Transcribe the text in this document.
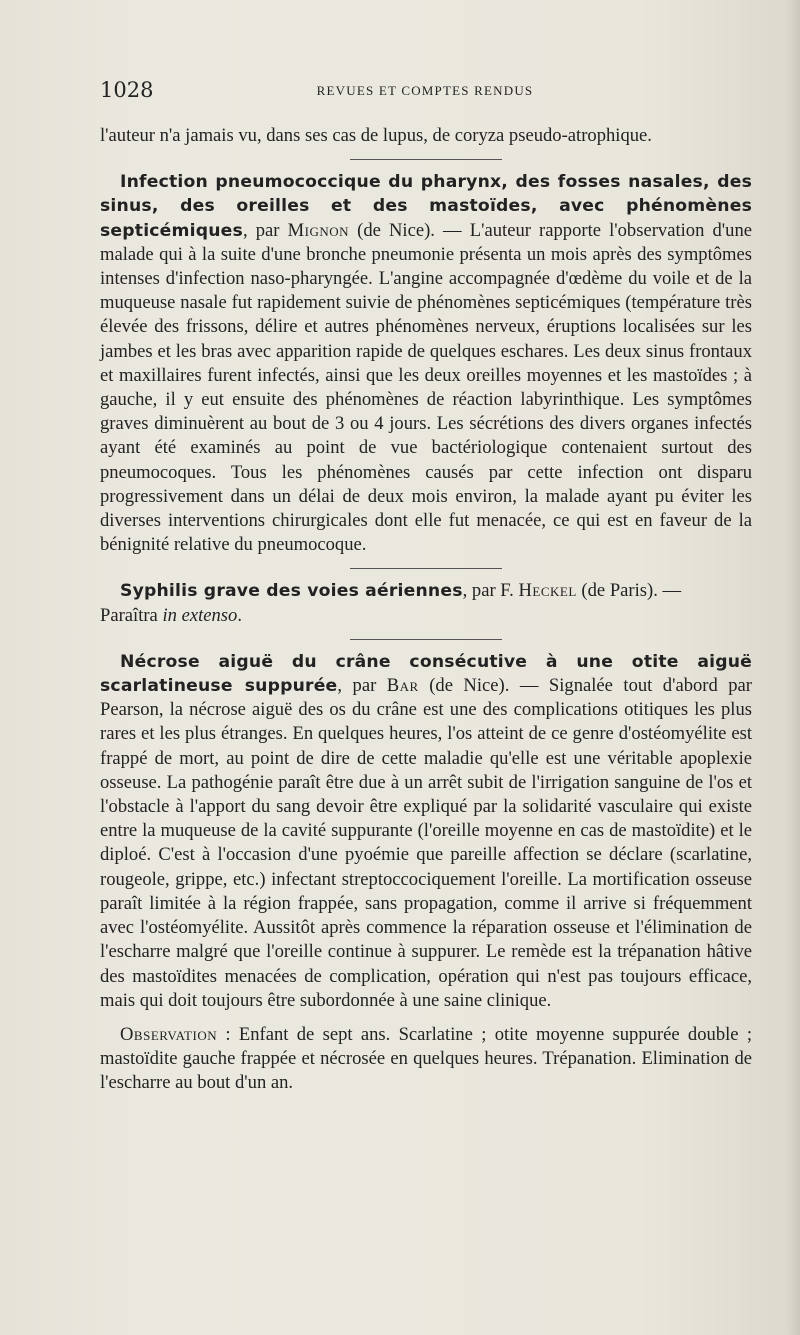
1028	REVUES ET COMPTES RENDUS

l'auteur n'a jamais vu, dans ses cas de lupus, de coryza pseudo-atrophique.

Infection pneumococcique du pharynx, des fosses nasales, des sinus, des oreilles et des mastoïdes, avec phénomènes septicémiques, par Mignon (de Nice). — L'auteur rapporte l'observation d'une malade qui à la suite d'une bronche pneumonie présenta un mois après des symptômes intenses d'infection naso-pharyngée. L'angine accompagnée d'œdème du voile et de la muqueuse nasale fut rapidement suivie de phénomènes septicémiques (température très élevée des frissons, délire et autres phénomènes nerveux, éruptions localisées sur les jambes et les bras avec apparition rapide de quelques eschares. Les deux sinus frontaux et maxillaires furent infectés, ainsi que les deux oreilles moyennes et les mastoïdes ; à gauche, il y eut ensuite des phénomènes de réaction labyrinthique. Les symptômes graves diminuèrent au bout de 3 ou 4 jours. Les sécrétions des divers organes infectés ayant été examinés au point de vue bactériologique contenaient surtout des pneumocoques. Tous les phénomènes causés par cette infection ont disparu progressivement dans un délai de deux mois environ, la malade ayant pu éviter les diverses interventions chirurgicales dont elle fut menacée, ce qui est en faveur de la bénignité relative du pneumocoque.

Syphilis grave des voies aériennes, par F. Heckel (de Paris). —
Paraîtra in extenso.

Nécrose aiguë du crâne consécutive à une otite aiguë scarlatineuse suppurée, par Bar (de Nice). — Signalée tout d'abord par Pearson, la nécrose aiguë des os du crâne est une des complications otitiques les plus rares et les plus étranges. En quelques heures, l'os atteint de ce genre d'ostéomyélite est frappé de mort, au point de dire de cette maladie qu'elle est une véritable apoplexie osseuse. La pathogénie paraît être due à un arrêt subit de l'irrigation sanguine de l'os et l'obstacle à l'apport du sang devoir être expliqué par la solidarité vasculaire qui existe entre la muqueuse de la cavité suppurante (l'oreille moyenne en cas de mastoïdite) et le diploé. C'est à l'occasion d'une pyoémie que pareille affection se déclare (scarlatine, rougeole, grippe, etc.) infectant streptoccociquement l'oreille. La mortification osseuse paraît limitée à la région frappée, sans propagation, comme il arrive si fréquemment avec l'ostéomyélite. Aussitôt après commence la réparation osseuse et l'élimination de l'escharre malgré que l'oreille continue à suppurer. Le remède est la trépanation hâtive des mastoïdites menacées de complication, opération qui n'est pas toujours efficace, mais qui doit toujours être subordonnée à une saine clinique.

Observation : Enfant de sept ans. Scarlatine ; otite moyenne suppurée double ; mastoïdite gauche frappée et nécrosée en quelques heures. Trépanation. Elimination de l'escharre au bout d'un an.
